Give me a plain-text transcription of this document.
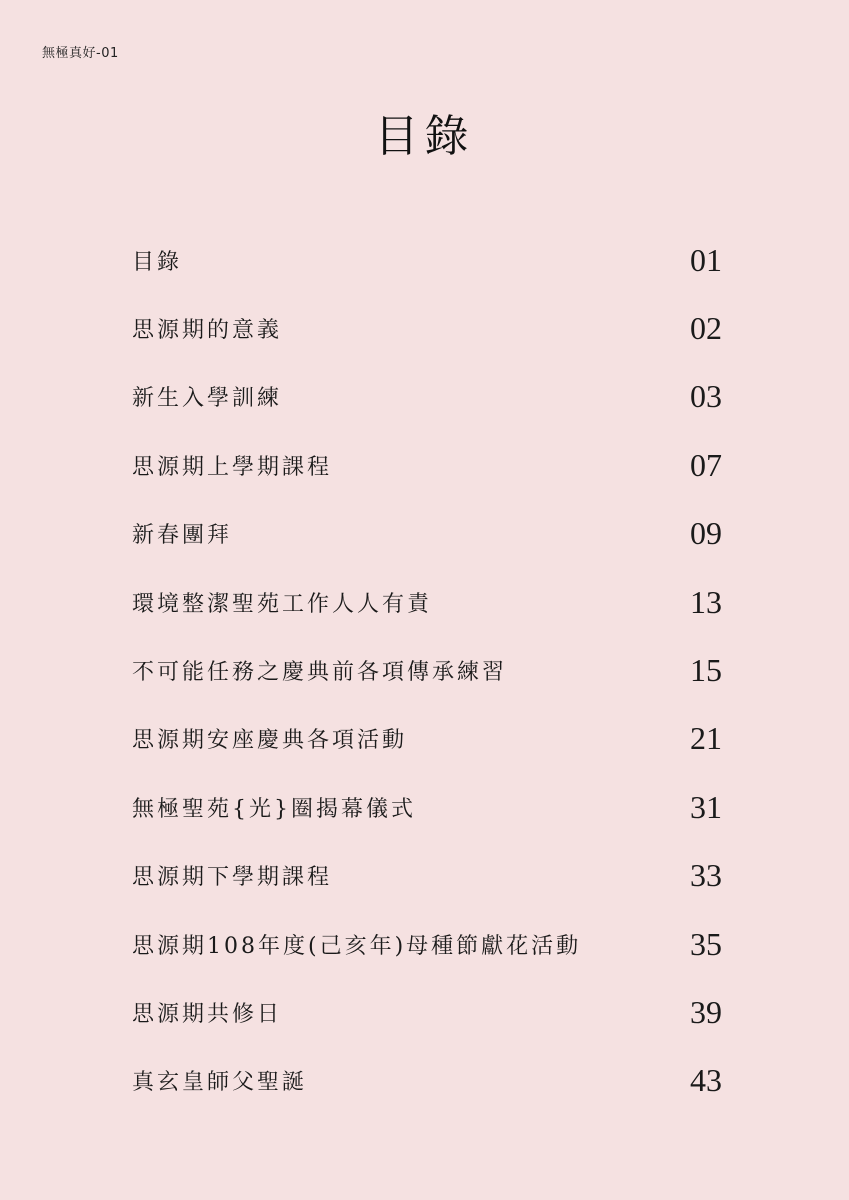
無極真好-01
目錄
目錄	01
思源期的意義	02
新生入學訓練	03
思源期上學期課程	07
新春團拜	09
環境整潔聖苑工作人人有責	13
不可能任務之慶典前各項傳承練習	15
思源期安座慶典各項活動	21
無極聖苑{光}圈揭幕儀式	31
思源期下學期課程	33
思源期108年度(己亥年)母種節獻花活動	35
思源期共修日	39
真玄皇師父聖誕	43
